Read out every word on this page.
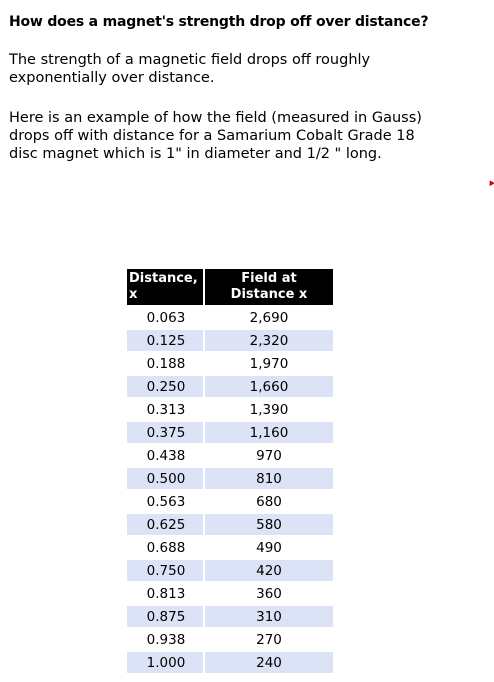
How does a magnet's strength drop off over distance?

The strength of a magnetic field drops off roughly
exponentially over distance.

Here is an example of how the field (measured in Gauss)
drops off with distance for a Samarium Cobalt Grade 18
disc magnet which is 1" in diameter and 1/2 " long.

Distance,
x	Field at
Distance x
0.063	2,690
0.125	2,320
0.188	1,970
0.250	1,660
0.313	1,390
0.375	1,160
0.438	970
0.500	810
0.563	680
0.625	580
0.688	490
0.750	420
0.813	360
0.875	310
0.938	270
1.000	240
